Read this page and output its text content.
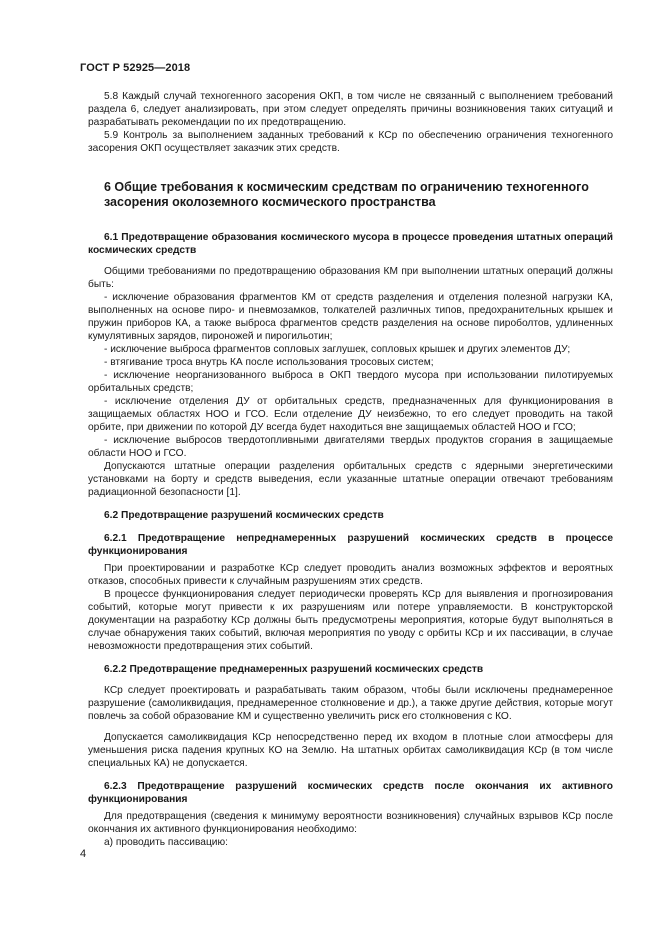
ГОСТ Р 52925—2018

5.8 Каждый случай техногенного засорения ОКП, в том числе не связанный с выполнением требований раздела 6, следует анализировать, при этом следует определять причины возникновения таких ситуаций и разрабатывать рекомендации по их предотвращению.

5.9 Контроль за выполнением заданных требований к КСр по обеспечению ограничения техногенного засорения ОКП осуществляет заказчик этих средств.

6 Общие требования к космическим средствам по ограничению техногенного засорения околоземного космического пространства

6.1 Предотвращение образования космического мусора в процессе проведения штатных операций космических средств

Общими требованиями по предотвращению образования КМ при выполнении штатных операций должны быть:

- исключение образования фрагментов КМ от средств разделения и отделения полезной нагрузки КА, выполненных на основе пиро- и пневмозамков, толкателей различных типов, предохранительных крышек и пружин приборов КА, а также выброса фрагментов средств разделения на основе пироболтов, удлиненных кумулятивных зарядов, пироножей и пирогильотин;

- исключение выброса фрагментов сопловых заглушек, сопловых крышек и других элементов ДУ;

- втягивание троса внутрь КА после использования тросовых систем;

- исключение неорганизованного выброса в ОКП твердого мусора при использовании пилотируемых орбитальных средств;

- исключение отделения ДУ от орбитальных средств, предназначенных для функционирования в защищаемых областях НОО и ГСО. Если отделение ДУ неизбежно, то его следует проводить на такой орбите, при движении по которой ДУ всегда будет находиться вне защищаемых областей НОО и ГСО;

- исключение выбросов твердотопливными двигателями твердых продуктов сгорания в защищаемые области НОО и ГСО.

Допускаются штатные операции разделения орбитальных средств с ядерными энергетическими установками на борту и средств выведения, если указанные штатные операции отвечают требованиям радиационной безопасности [1].

6.2 Предотвращение разрушений космических средств

6.2.1 Предотвращение непреднамеренных разрушений космических средств в процессе функционирования

При проектировании и разработке КСр следует проводить анализ возможных эффектов и вероятных отказов, способных привести к случайным разрушениям этих средств.

В процессе функционирования следует периодически проверять КСр для выявления и прогнозирования событий, которые могут привести к их разрушениям или потере управляемости. В конструкторской документации на разработку КСр должны быть предусмотрены мероприятия, которые будут выполняться в случае обнаружения таких событий, включая мероприятия по уводу с орбиты КСр и их пассивации, в случае невозможности предотвращения этих событий.

6.2.2 Предотвращение преднамеренных разрушений космических средств

КСр следует проектировать и разрабатывать таким образом, чтобы были исключены преднамеренное разрушение (самоликвидация, преднамеренное столкновение и др.), а также другие действия, которые могут повлечь за собой образование КМ и существенно увеличить риск его столкновения с КО.

Допускается самоликвидация КСр непосредственно перед их входом в плотные слои атмосферы для уменьшения риска падения крупных КО на Землю. На штатных орбитах самоликвидация КСр (в том числе специальных КА) не допускается.

6.2.3 Предотвращение разрушений космических средств после окончания их активного функционирования

Для предотвращения (сведения к минимуму вероятности возникновения) случайных взрывов КСр после окончания их активного функционирования необходимо:

а) проводить пассивацию:

4
